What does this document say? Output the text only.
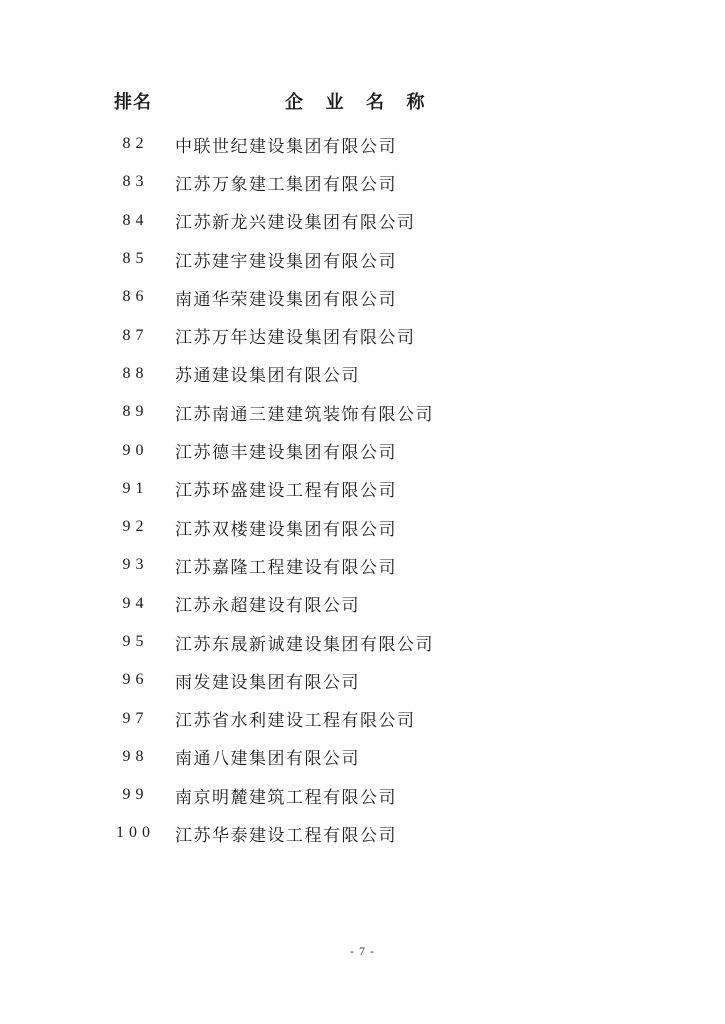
排名	企 业 名 称
82	中联世纪建设集团有限公司
83	江苏万象建工集团有限公司
84	江苏新龙兴建设集团有限公司
85	江苏建宇建设集团有限公司
86	南通华荣建设集团有限公司
87	江苏万年达建设集团有限公司
88	苏通建设集团有限公司
89	江苏南通三建建筑装饰有限公司
90	江苏德丰建设集团有限公司
91	江苏环盛建设工程有限公司
92	江苏双楼建设集团有限公司
93	江苏嘉隆工程建设有限公司
94	江苏永超建设有限公司
95	江苏东晟新诚建设集团有限公司
96	雨发建设集团有限公司
97	江苏省水利建设工程有限公司
98	南通八建集团有限公司
99	南京明麓建筑工程有限公司
100	江苏华泰建设工程有限公司
- 7 -
